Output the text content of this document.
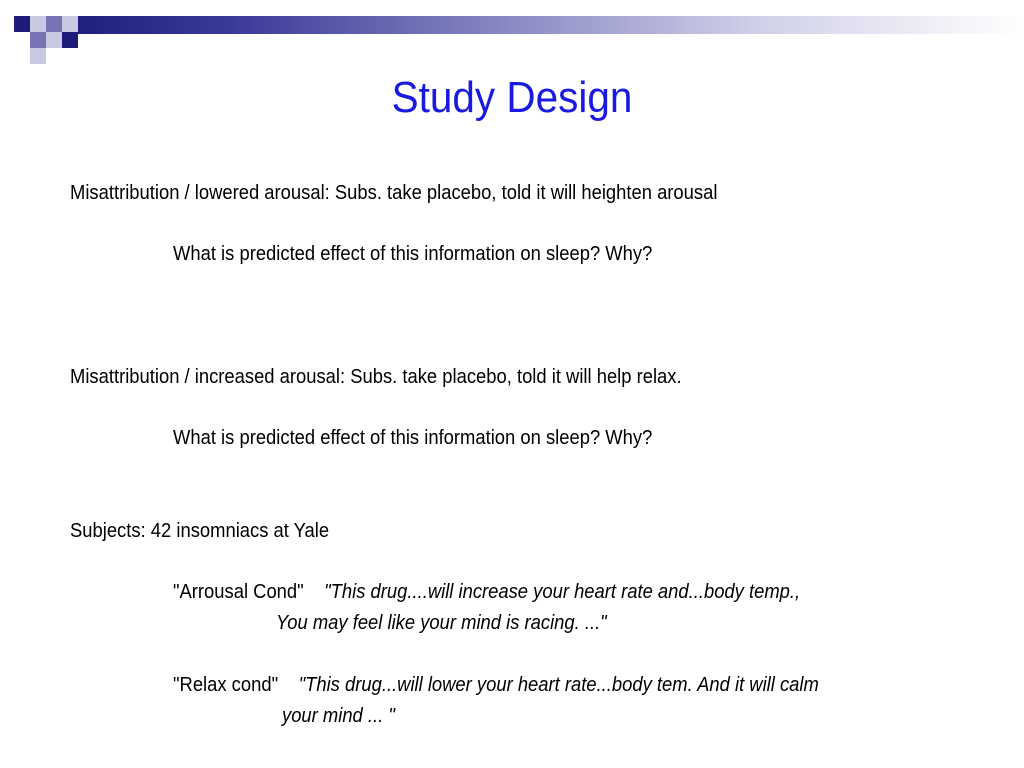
Study Design
Misattribution / lowered arousal: Subs. take placebo, told it will heighten arousal
What is predicted effect of this information on sleep? Why?
Misattribution / increased arousal: Subs. take placebo, told it will help relax.
What is predicted effect of this information on sleep? Why?
Subjects: 42 insomniacs at Yale
"Arrousal Cond" "This drug....will increase your heart rate and...body temp.,
You may feel like your mind is racing. ..."
"Relax cond" "This drug...will lower your heart rate...body tem. And it will calm
your mind ... "
